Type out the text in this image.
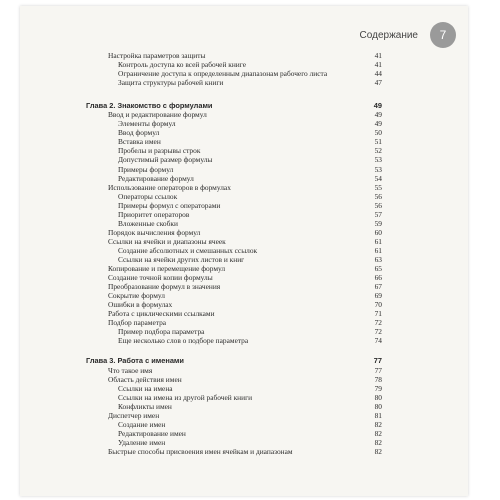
Содержание	7
Настройка параметров защиты	41
Контроль доступа ко всей рабочей книге	41
Ограничение доступа к определенным диапазонам рабочего листа	44
Защита структуры рабочей книги	47
Глава 2. Знакомство с формулами	49
Ввод и редактирование формул	49
Элементы формул	49
Ввод формул	50
Вставка имен	51
Пробелы и разрывы строк	52
Допустимый размер формулы	53
Примеры формул	53
Редактирование формул	54
Использование операторов в формулах	55
Операторы ссылок	56
Примеры формул с операторами	56
Приоритет операторов	57
Вложенные скобки	59
Порядок вычисления формул	60
Ссылки на ячейки и диапазоны ячеек	61
Создание абсолютных и смешанных ссылок	61
Ссылки на ячейки других листов и книг	63
Копирование и перемещение формул	65
Создание точной копии формулы	66
Преобразование формул в значения	67
Сокрытие формул	69
Ошибки в формулах	70
Работа с циклическими ссылками	71
Подбор параметра	72
Пример подбора параметра	72
Еще несколько слов о подборе параметра	74
Глава 3. Работа с именами	77
Что такое имя	77
Область действия имен	78
Ссылки на имена	79
Ссылки на имена из другой рабочей книги	80
Конфликты имен	80
Диспетчер имен	81
Создание имен	82
Редактирование имен	82
Удаление имен	82
Быстрые способы присвоения имен ячейкам и диапазонам	82
